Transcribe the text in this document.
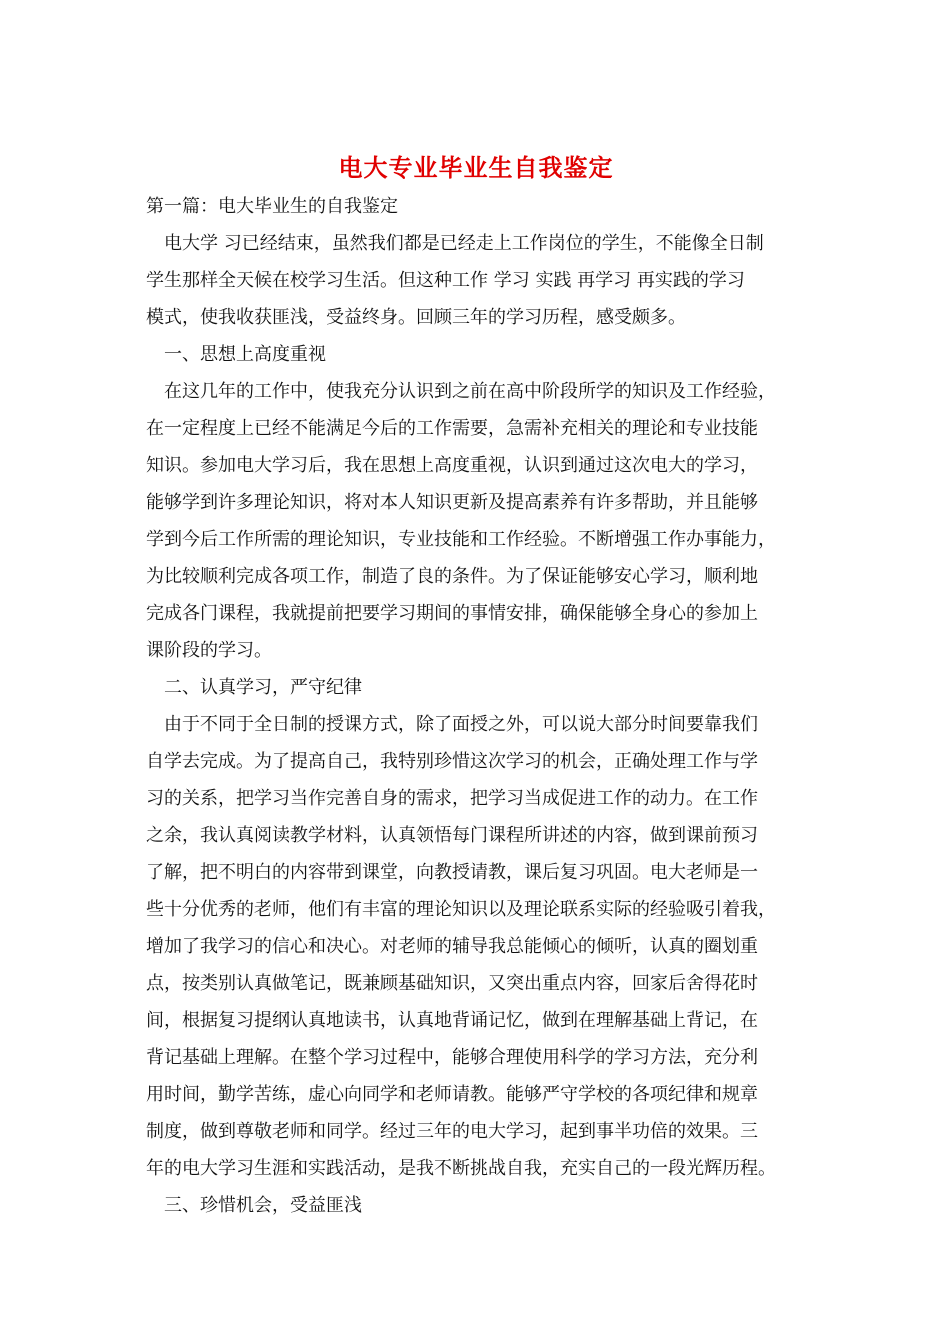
电大专业毕业生自我鉴定

第一篇：电大毕业生的自我鉴定

电大学 习已经结束，虽然我们都是已经走上工作岗位的学生，不能像全日制

学生那样全天候在校学习生活。但这种工作 学习 实践 再学习 再实践的学习

模式，使我收获匪浅，受益终身。回顾三年的学习历程，感受颇多。

一、思想上高度重视

在这几年的工作中，使我充分认识到之前在高中阶段所学的知识及工作经验，

在一定程度上已经不能满足今后的工作需要，急需补充相关的理论和专业技能

知识。参加电大学习后，我在思想上高度重视，认识到通过这次电大的学习，

能够学到许多理论知识，将对本人知识更新及提高素养有许多帮助，并且能够

学到今后工作所需的理论知识，专业技能和工作经验。不断增强工作办事能力，

为比较顺利完成各项工作，制造了良的条件。为了保证能够安心学习，顺利地

完成各门课程，我就提前把要学习期间的事情安排，确保能够全身心的参加上

课阶段的学习。

二、认真学习，严守纪律

由于不同于全日制的授课方式，除了面授之外，可以说大部分时间要靠我们

自学去完成。为了提高自己，我特别珍惜这次学习的机会，正确处理工作与学

习的关系，把学习当作完善自身的需求，把学习当成促进工作的动力。在工作

之余，我认真阅读教学材料，认真领悟每门课程所讲述的内容，做到课前预习

了解，把不明白的内容带到课堂，向教授请教，课后复习巩固。电大老师是一

些十分优秀的老师，他们有丰富的理论知识以及理论联系实际的经验吸引着我，

增加了我学习的信心和决心。对老师的辅导我总能倾心的倾听，认真的圈划重

点，按类别认真做笔记，既兼顾基础知识，又突出重点内容，回家后舍得花时

间，根据复习提纲认真地读书，认真地背诵记忆，做到在理解基础上背记，在

背记基础上理解。在整个学习过程中，能够合理使用科学的学习方法，充分利

用时间，勤学苦练，虚心向同学和老师请教。能够严守学校的各项纪律和规章

制度，做到尊敬老师和同学。经过三年的电大学习，起到事半功倍的效果。三

年的电大学习生涯和实践活动，是我不断挑战自我，充实自己的一段光辉历程。

三、珍惜机会，受益匪浅
